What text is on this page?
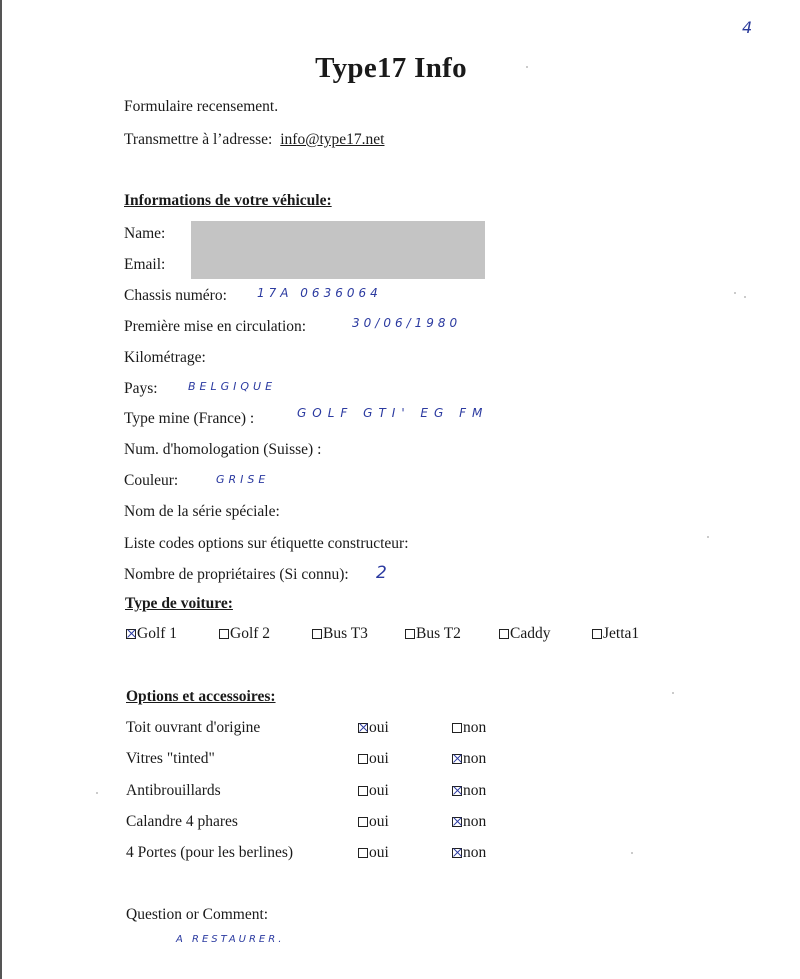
4
Type17 Info
Formulaire recensement.
Transmettre à l’adresse: info@type17.net
Informations de votre véhicule:
Name:
Email:
Chassis numéro:	17A 0636064
Première mise en circulation:	30/06/1980
Kilométrage:
Pays:	BELGIQUE
Type mine (France) :	GOLF GTI' EG FM
Num. d'homologation (Suisse) :
Couleur:	GRISE
Nom de la série spéciale:
Liste codes options sur étiquette constructeur:
Nombre de propriétaires (Si connu): 2
Type de voiture:
Golf 1	Golf 2	Bus T3	Bus T2	Caddy	Jetta1
Options et accessoires:
Toit ouvrant d'origine	oui	non
Vitres "tinted"	oui	non
Antibrouillards	oui	non
Calandre 4 phares	oui	non
4 Portes (pour les berlines)	oui	non
Question or Comment:
A RESTAURER.
